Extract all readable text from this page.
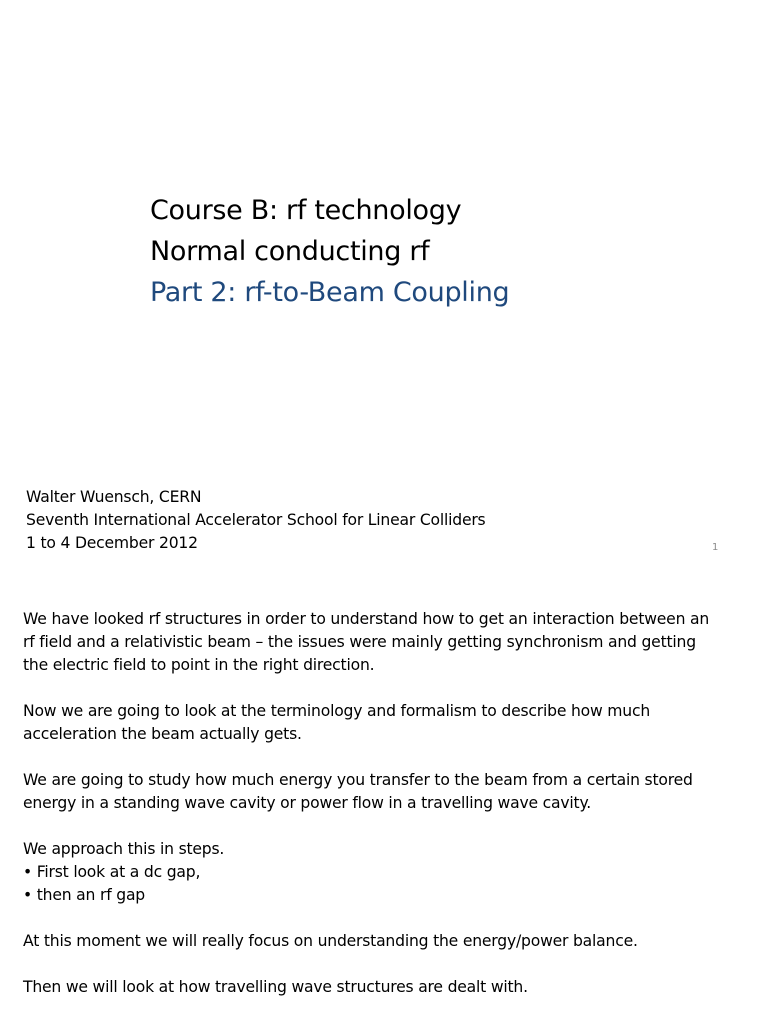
Course B: rf technology
Normal conducting rf
Part 2: rf-to-Beam Coupling
Walter Wuensch, CERN
Seventh International Accelerator School for Linear Colliders
1 to 4 December 2012	1

We have looked rf structures in order to understand how to get an interaction between an
rf field and a relativistic beam – the issues were mainly getting synchronism and getting
the electric field to point in the right direction.

Now we are going to look at the terminology and formalism to describe how much
acceleration the beam actually gets.

We are going to study how much energy you transfer to the beam from a certain stored
energy in a standing wave cavity or power flow in a travelling wave cavity.

We approach this in steps.
• First look at a dc gap,
• then an rf gap

At this moment we will really focus on understanding the energy/power balance.

Then we will look at how travelling wave structures are dealt with.
